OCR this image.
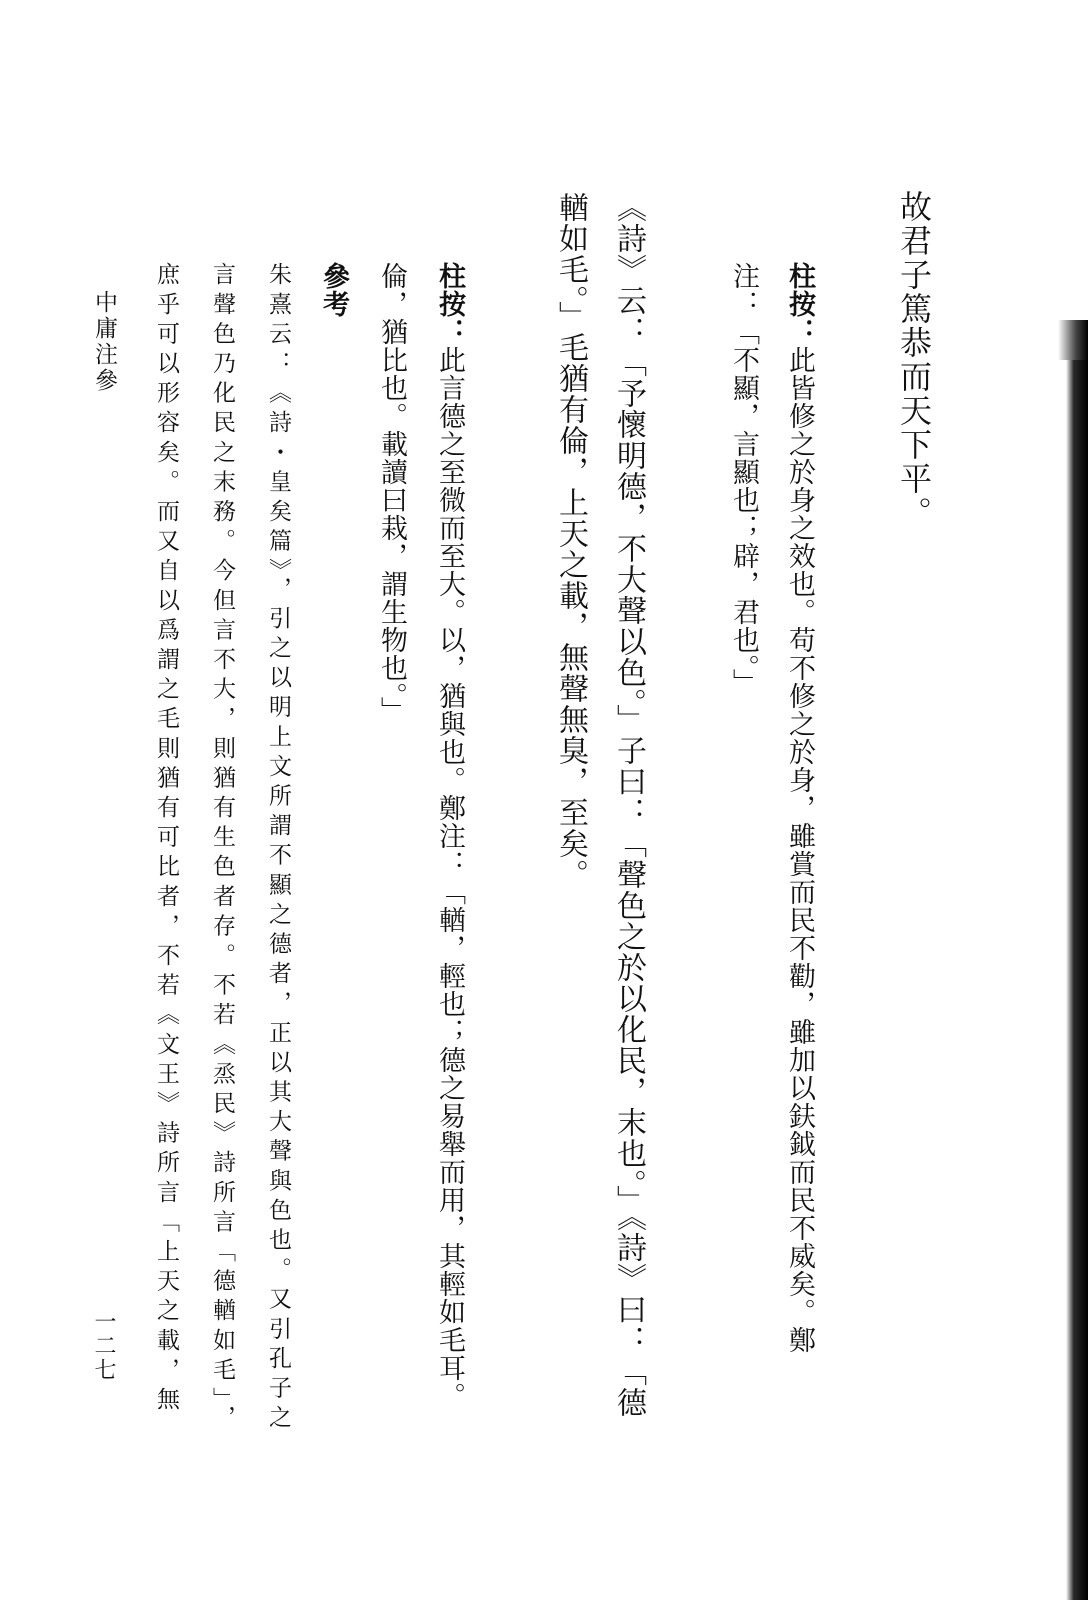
故君子篤恭而天下平。
柱按：此皆修之於身之效也。苟不修之於身，雖賞而民不勸，雖加以鈇鉞而民不威矣。鄭
注：「不顯，言顯也；辟，君也。」
《詩》云：「予懷明德，不大聲以色。」子曰：「聲色之於以化民，末也。」《詩》曰：「德
輶如毛。」毛猶有倫，上天之載，無聲無臭，至矣。
柱按：此言德之至微而至大。以，猶與也。鄭注：「輶，輕也；德之易舉而用，其輕如毛耳。
倫，猶比也。載讀曰栽，謂生物也。」
參考
朱熹云：《詩・皇矣篇》，引之以明上文所謂不顯之德者，正以其大聲與色也。又引孔子之
言聲色乃化民之末務。今但言不大，則猶有生色者存。不若《烝民》詩所言「德輶如毛」，
庶乎可以形容矣。而又自以爲謂之毛則猶有可比者，不若《文王》詩所言「上天之載，無
中庸注參
一二七
